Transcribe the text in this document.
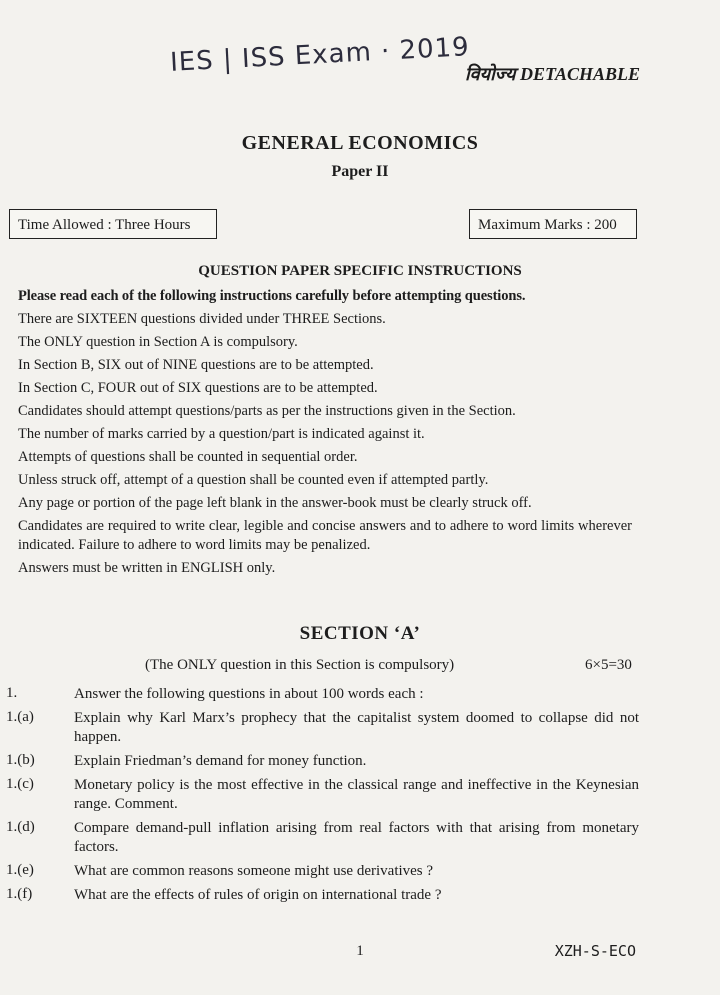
IES | ISS Exam · 2019
वियोज्य DETACHABLE
GENERAL ECONOMICS
Paper II
Time Allowed : Three Hours	Maximum Marks : 200
QUESTION PAPER SPECIFIC INSTRUCTIONS

Please read each of the following instructions carefully before attempting questions.

There are SIXTEEN questions divided under THREE Sections.

The ONLY question in Section A is compulsory.

In Section B, SIX out of NINE questions are to be attempted.

In Section C, FOUR out of SIX questions are to be attempted.

Candidates should attempt questions/parts as per the instructions given in the Section.

The number of marks carried by a question/part is indicated against it.

Attempts of questions shall be counted in sequential order.

Unless struck off, attempt of a question shall be counted even if attempted partly.

Any page or portion of the page left blank in the answer-book must be clearly struck off.

Candidates are required to write clear, legible and concise answers and to adhere to word limits wherever indicated. Failure to adhere to word limits may be penalized.

Answers must be written in ENGLISH only.

SECTION ‘A’
(The ONLY question in this Section is compulsory)	6×5=30
1.	Answer the following questions in about 100 words each :
1.(a)	Explain why Karl Marx’s prophecy that the capitalist system doomed to collapse did not happen.
1.(b)	Explain Friedman’s demand for money function.
1.(c)	Monetary policy is the most effective in the classical range and ineffective in the Keynesian range. Comment.
1.(d)	Compare demand-pull inflation arising from real factors with that arising from monetary factors.
1.(e)	What are common reasons someone might use derivatives ?
1.(f)	What are the effects of rules of origin on international trade ?
1	XZH-S-ECO
